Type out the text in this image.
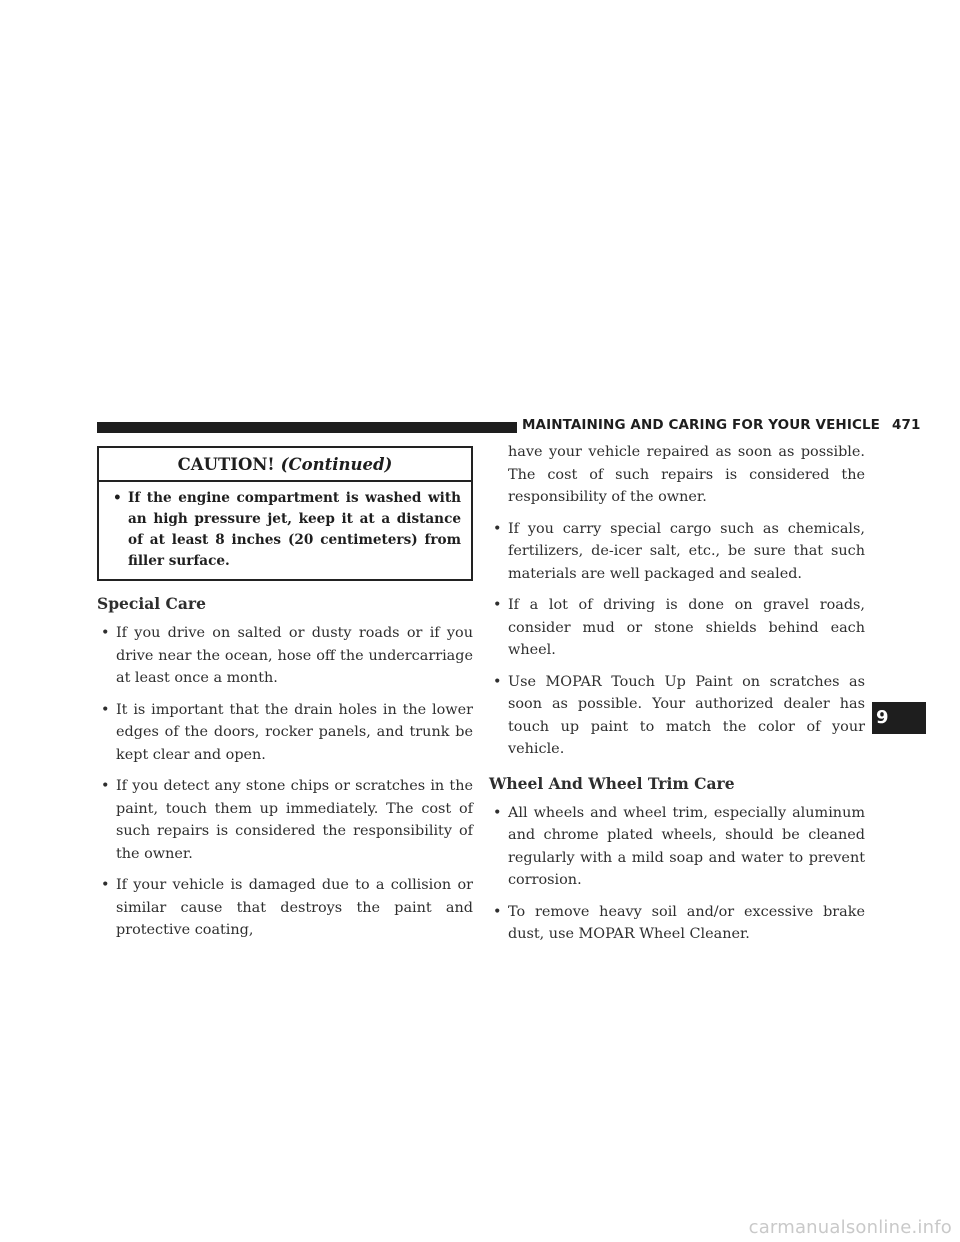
MAINTAINING AND CARING FOR YOUR VEHICLE 471
CAUTION! (Continued)
• If the engine compartment is washed with an high pressure jet, keep it at a distance of at least 8 inches (20 centimeters) from filler surface.
Special Care
• If you drive on salted or dusty roads or if you drive near the ocean, hose off the undercarriage at least once a month.
• It is important that the drain holes in the lower edges of the doors, rocker panels, and trunk be kept clear and open.
• If you detect any stone chips or scratches in the paint, touch them up immediately. The cost of such repairs is considered the responsibility of the owner.
• If your vehicle is damaged due to a collision or similar cause that destroys the paint and protective coating,
have your vehicle repaired as soon as possible. The cost of such repairs is considered the responsibility of the owner.
• If you carry special cargo such as chemicals, fertilizers, de-icer salt, etc., be sure that such materials are well packaged and sealed.
• If a lot of driving is done on gravel roads, consider mud or stone shields behind each wheel.
• Use MOPAR Touch Up Paint on scratches as soon as possible. Your authorized dealer has touch up paint to match the color of your vehicle.
Wheel And Wheel Trim Care
• All wheels and wheel trim, especially aluminum and chrome plated wheels, should be cleaned regularly with a mild soap and water to prevent corrosion.
• To remove heavy soil and/or excessive brake dust, use MOPAR Wheel Cleaner.
9
carmanualsonline.info
